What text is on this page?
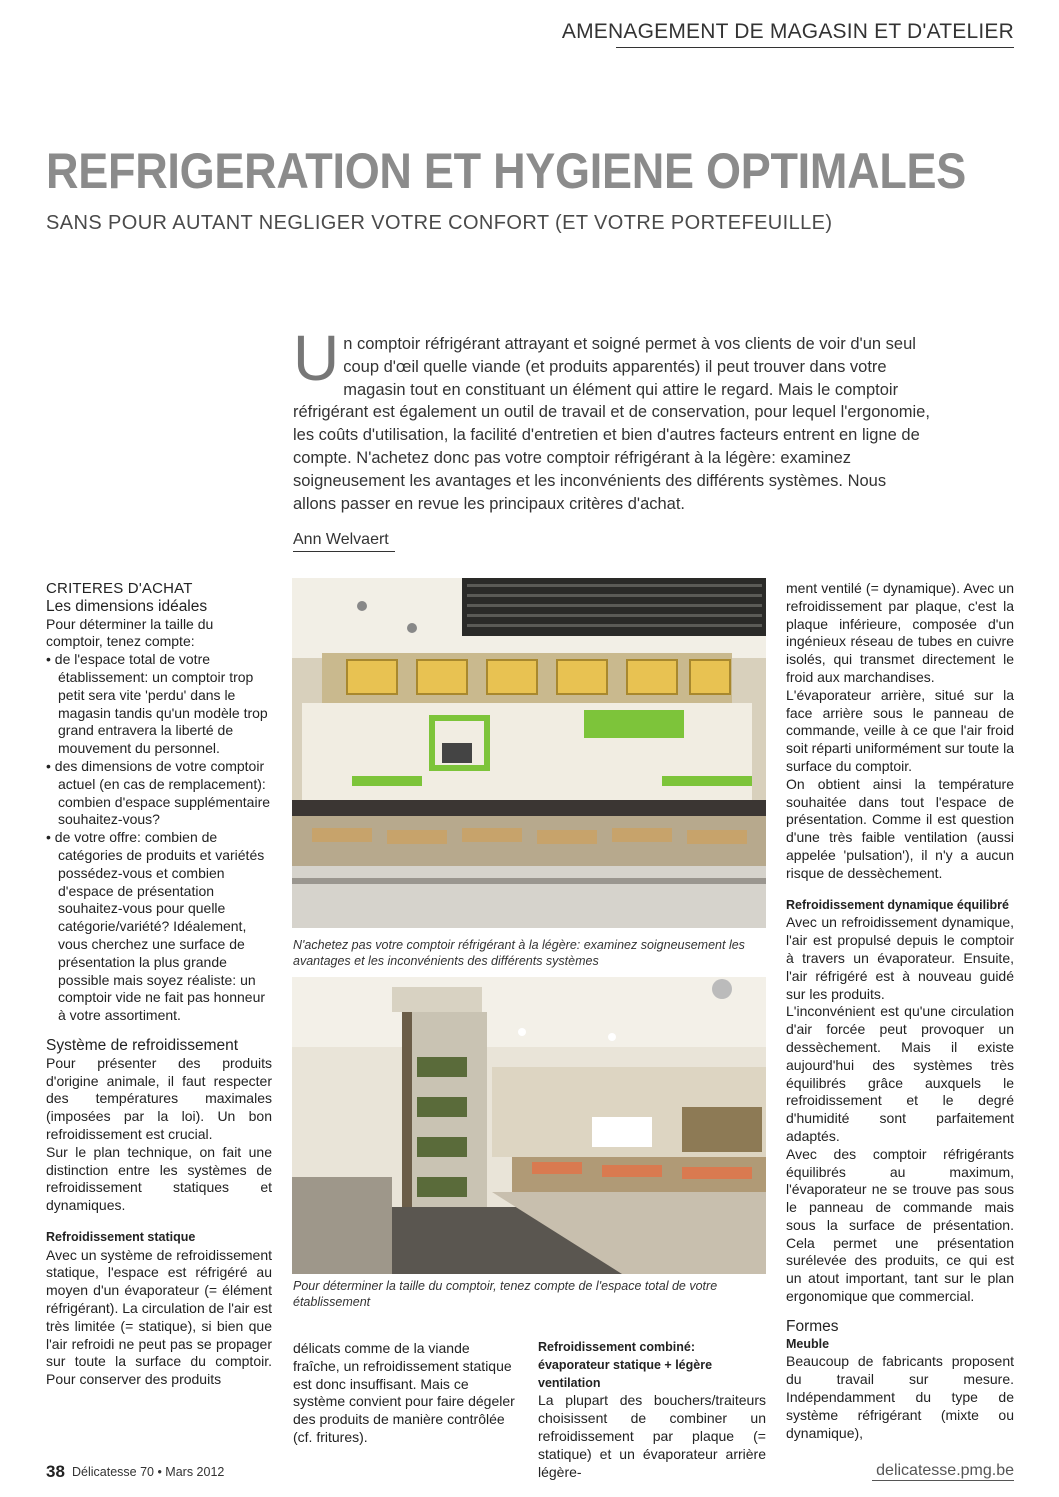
AMENAGEMENT DE MAGASIN ET D'ATELIER
REFRIGERATION ET HYGIENE OPTIMALES
SANS POUR AUTANT NEGLIGER VOTRE CONFORT (ET VOTRE PORTEFEUILLE)
Un comptoir réfrigérant attrayant et soigné permet à vos clients de voir d'un seul coup d'œil quelle viande (et produits apparentés) il peut trouver dans votre magasin tout en constituant un élément qui attire le regard. Mais le comptoir réfrigérant est également un outil de travail et de conservation, pour lequel l'ergonomie, les coûts d'utilisation, la facilité d'entretien et bien d'autres facteurs entrent en ligne de compte. N'achetez donc pas votre comptoir réfrigérant à la légère: examinez soigneusement les avantages et les inconvénients des différents systèmes. Nous allons passer en revue les principaux critères d'achat.
Ann Welvaert

CRITERES D'ACHAT

Les dimensions idéales

Pour déterminer la taille du comptoir, tenez compte:

• de l'espace total de votre établissement: un comptoir trop petit sera vite 'perdu' dans le magasin tandis qu'un modèle trop grand entravera la liberté de mouvement du personnel.
• des dimensions de votre comptoir actuel (en cas de remplacement): combien d'espace supplémentaire souhaitez-vous?
• de votre offre: combien de catégories de produits et variétés possédez-vous et combien d'espace de présentation souhaitez-vous pour quelle catégorie/variété? Idéalement, vous cherchez une surface de présentation la plus grande possible mais soyez réaliste: un comptoir vide ne fait pas honneur à votre assortiment.

Système de refroidissement

Pour présenter des produits d'origine animale, il faut respecter des températures maximales (imposées par la loi). Un bon refroidissement est crucial.

Sur le plan technique, on fait une distinction entre les systèmes de refroidissement statiques et dynamiques.

Refroidissement statique

Avec un système de refroidissement statique, l'espace est réfrigéré au moyen d'un évaporateur (= élément réfrigérant). La circulation de l'air est très limitée (= statique), si bien que l'air refroidi ne peut pas se propager sur toute la surface du comptoir. Pour conserver des produits

N'achetez pas votre comptoir réfrigérant à la légère: examinez soigneusement les avantages et les inconvénients des différents systèmes
Pour déterminer la taille du comptoir, tenez compte de l'espace total de votre établissement

délicats comme de la viande fraîche, un refroidissement statique est donc insuffisant. Mais ce système convient pour faire dégeler des produits de manière contrôlée (cf. fritures).

Refroidissement combiné: évaporateur statique + légère ventilation

La plupart des bouchers/traiteurs choisissent de combiner un refroidissement par plaque (= statique) et un évaporateur arrière légère-

ment ventilé (= dynamique). Avec un refroidissement par plaque, c'est la plaque inférieure, composée d'un ingénieux réseau de tubes en cuivre isolés, qui transmet directement le froid aux marchandises.

L'évaporateur arrière, situé sur la face arrière sous le panneau de commande, veille à ce que l'air froid soit réparti uniformément sur toute la surface du comptoir.

On obtient ainsi la température souhaitée dans tout l'espace de présentation. Comme il est question d'une très faible ventilation (aussi appelée 'pulsation'), il n'y a aucun risque de dessèchement.

Refroidissement dynamique équilibré

Avec un refroidissement dynamique, l'air est propulsé depuis le comptoir à travers un évaporateur. Ensuite, l'air réfrigéré est à nouveau guidé sur les produits.

L'inconvénient est qu'une circulation d'air forcée peut provoquer un dessèchement. Mais il existe aujourd'hui des systèmes très équilibrés grâce auxquels le refroidissement et le degré d'humidité sont parfaitement adaptés.

Avec des comptoir réfrigérants équilibrés au maximum, l'évaporateur ne se trouve pas sous le panneau de commande mais sous la surface de présentation. Cela permet une présentation surélevée des produits, ce qui est un atout important, tant sur le plan ergonomique que commercial.

Formes

Meuble

Beaucoup de fabricants proposent du travail sur mesure. Indépendamment du type de système réfrigérant (mixte ou dynamique),

38 Délicatesse 70 • Mars 2012	delicatesse.pmg.be
